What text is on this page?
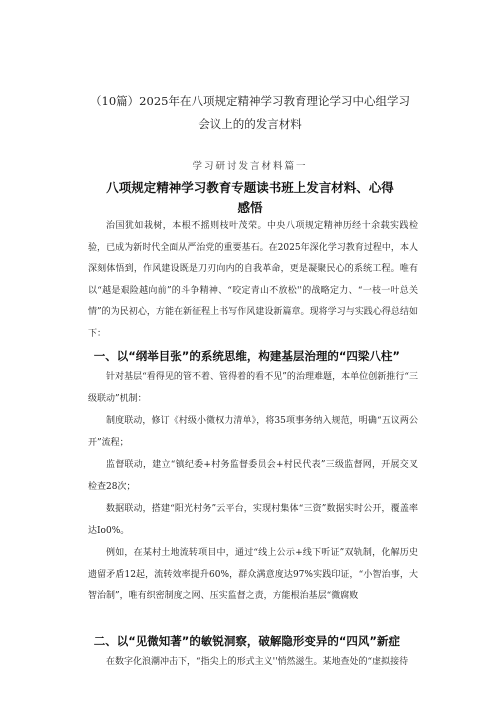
（10篇）2025年在八项规定精神学习教育理论学习中心组学习
会议上的的发言材料
学习研讨发言材料篇一
八项规定精神学习教育专题读书班上发言材料、心得
感悟

治国犹如栽树，本根不摇则枝叶茂荣。中央八项规定精神历经十余载实践检验，已成为新时代全面从严治党的重要基石。在2025年深化学习教育过程中，本人深刻体悟到，作风建设既是刀刃向内的自我革命，更是凝聚民心的系统工程。唯有以“越是艰险越向前”的斗争精神、“咬定青山不放松''的战略定力、“一枝一叶总关情”的为民初心，方能在新征程上书写作风建设新篇章。现将学习与实践心得总结如下：

一、以“纲举目张”的系统思维，构建基层治理的“四梁八柱”

针对基层“看得见的管不着、管得着的看不见”的治理难题，本单位创新推行“三级联动”机制：

制度联动，修订《村级小微权力清单》，将35项事务纳入规范，明确“五议两公开”流程；

监督联动，建立“镇纪委+村务监督委员会+村民代表”三级监督网，开展交叉检查28次；

数据联动，搭建“阳光村务”云平台，实现村集体“三资”数据实时公开，覆盖率达Io0%。

例如，在某村土地流转项目中，通过“线上公示+线下听证”双轨制，化解历史遗留矛盾12起，流转效率提升60%，群众满意度达97%实践印证，“小智治事，大智治制”，唯有织密制度之网、压实监督之责，方能根治基层“微腐败

二、以“见微知著”的敏锐洞察，破解隐形变异的“四风”新症

在数字化浪潮冲击下，“指尖上的形式主义''悄然滋生。某地查处的“虚拟接待
